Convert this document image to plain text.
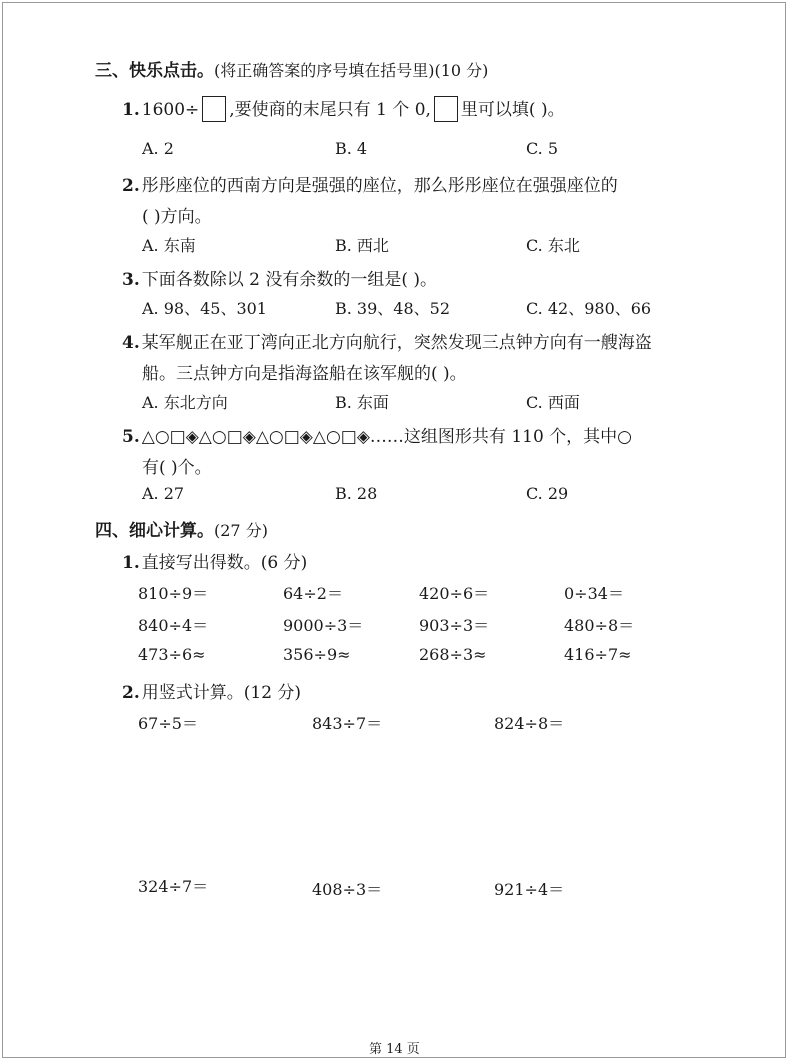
三、快乐点击。(将正确答案的序号填在括号里)(10 分)
1. 1600÷ ,要使商的末尾只有 1 个 0, 里可以填( )。
A. 2	B. 4	C. 5
2. 彤彤座位的西南方向是强强的座位，那么彤彤座位在强强座位的
( )方向。
A. 东南	B. 西北	C. 东北
3. 下面各数除以 2 没有余数的一组是( )。
A. 98、45、301	B. 39、48、52	C. 42、980、66
4. 某军舰正在亚丁湾向正北方向航行，突然发现三点钟方向有一艘海盗
船。三点钟方向是指海盗船在该军舰的( )。
A. 东北方向	B. 东面	C. 西面
5. △○□◈△○□◈△○□◈△○□◈……这组图形共有 110 个，其中○
有( )个。
A. 27	B. 28	C. 29
四、细心计算。(27 分)
1. 直接写出得数。(6 分)
810÷9＝	64÷2＝	420÷6＝	0÷34＝
840÷4＝	9000÷3＝	903÷3＝	480÷8＝
473÷6≈	356÷9≈	268÷3≈	416÷7≈
2. 用竖式计算。(12 分)
67÷5＝	843÷7＝	824÷8＝
324÷7＝	408÷3＝	921÷4＝
第 14 页
